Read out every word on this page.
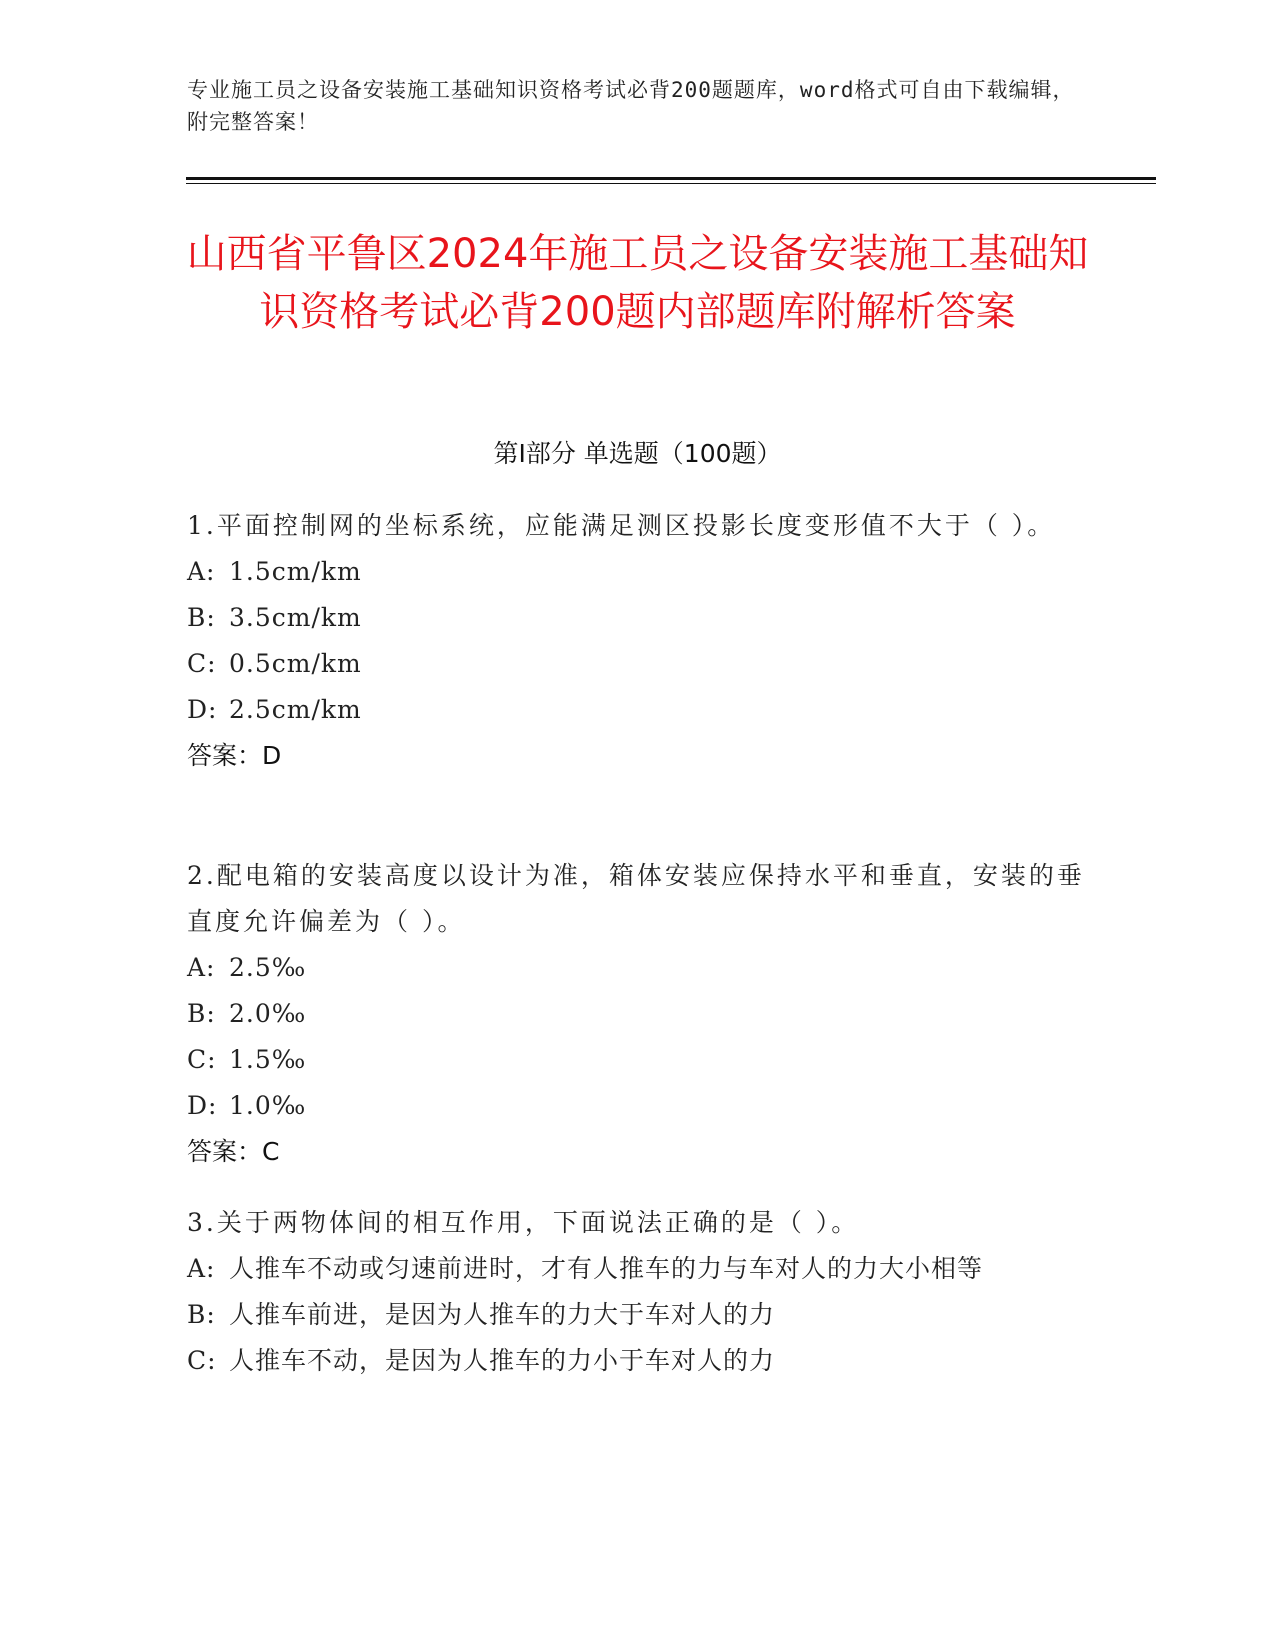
专业施工员之设备安装施工基础知识资格考试必背200题题库，word格式可自由下载编辑，附完整答案！
山西省平鲁区2024年施工员之设备安装施工基础知识资格考试必背200题内部题库附解析答案
第Ⅰ部分 单选题（100题）
1.平面控制网的坐标系统，应能满足测区投影长度变形值不大于（ ）。
A: 1.5cm/km
B: 3.5cm/km
C: 0.5cm/km
D: 2.5cm/km
答案：D
2.配电箱的安装高度以设计为准，箱体安装应保持水平和垂直，安装的垂直度允许偏差为（ ）。
A: 2.5‰
B: 2.0‰
C: 1.5‰
D: 1.0‰
答案：C
3.关于两物体间的相互作用，下面说法正确的是（ ）。
A: 人推车不动或匀速前进时，才有人推车的力与车对人的力大小相等
B: 人推车前进，是因为人推车的力大于车对人的力
C: 人推车不动，是因为人推车的力小于车对人的力
